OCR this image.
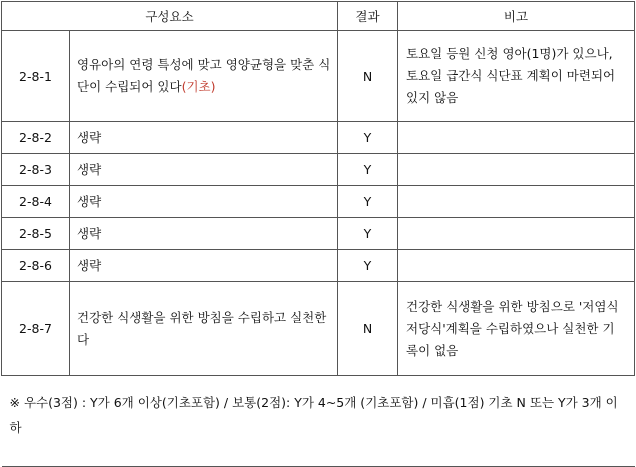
구성요소		결과	비고
2-8-1	영유아의 연령 특성에 맞고 영양균형을 맞춘 식단이 수립되어 있다(기초)	N	토요일 등원 신청 영아(1명)가 있으나, 토요일 급간식 식단표 계획이 마련되어 있지 않음
2-8-2	생략	Y	
2-8-3	생략	Y	
2-8-4	생략	Y	
2-8-5	생략	Y	
2-8-6	생략	Y	
2-8-7	건강한 식생활을 위한 방침을 수립하고 실천한다	N	건강한 식생활을 위한 방침으로 '저염식 저당식'계획을 수립하였으나 실천한 기록이 없음
※ 우수(3점) : Y가 6개 이상(기초포함) / 보통(2점): Y가 4~5개 (기초포함) / 미흡(1점) 기초 N 또는 Y가 3개 이하			
